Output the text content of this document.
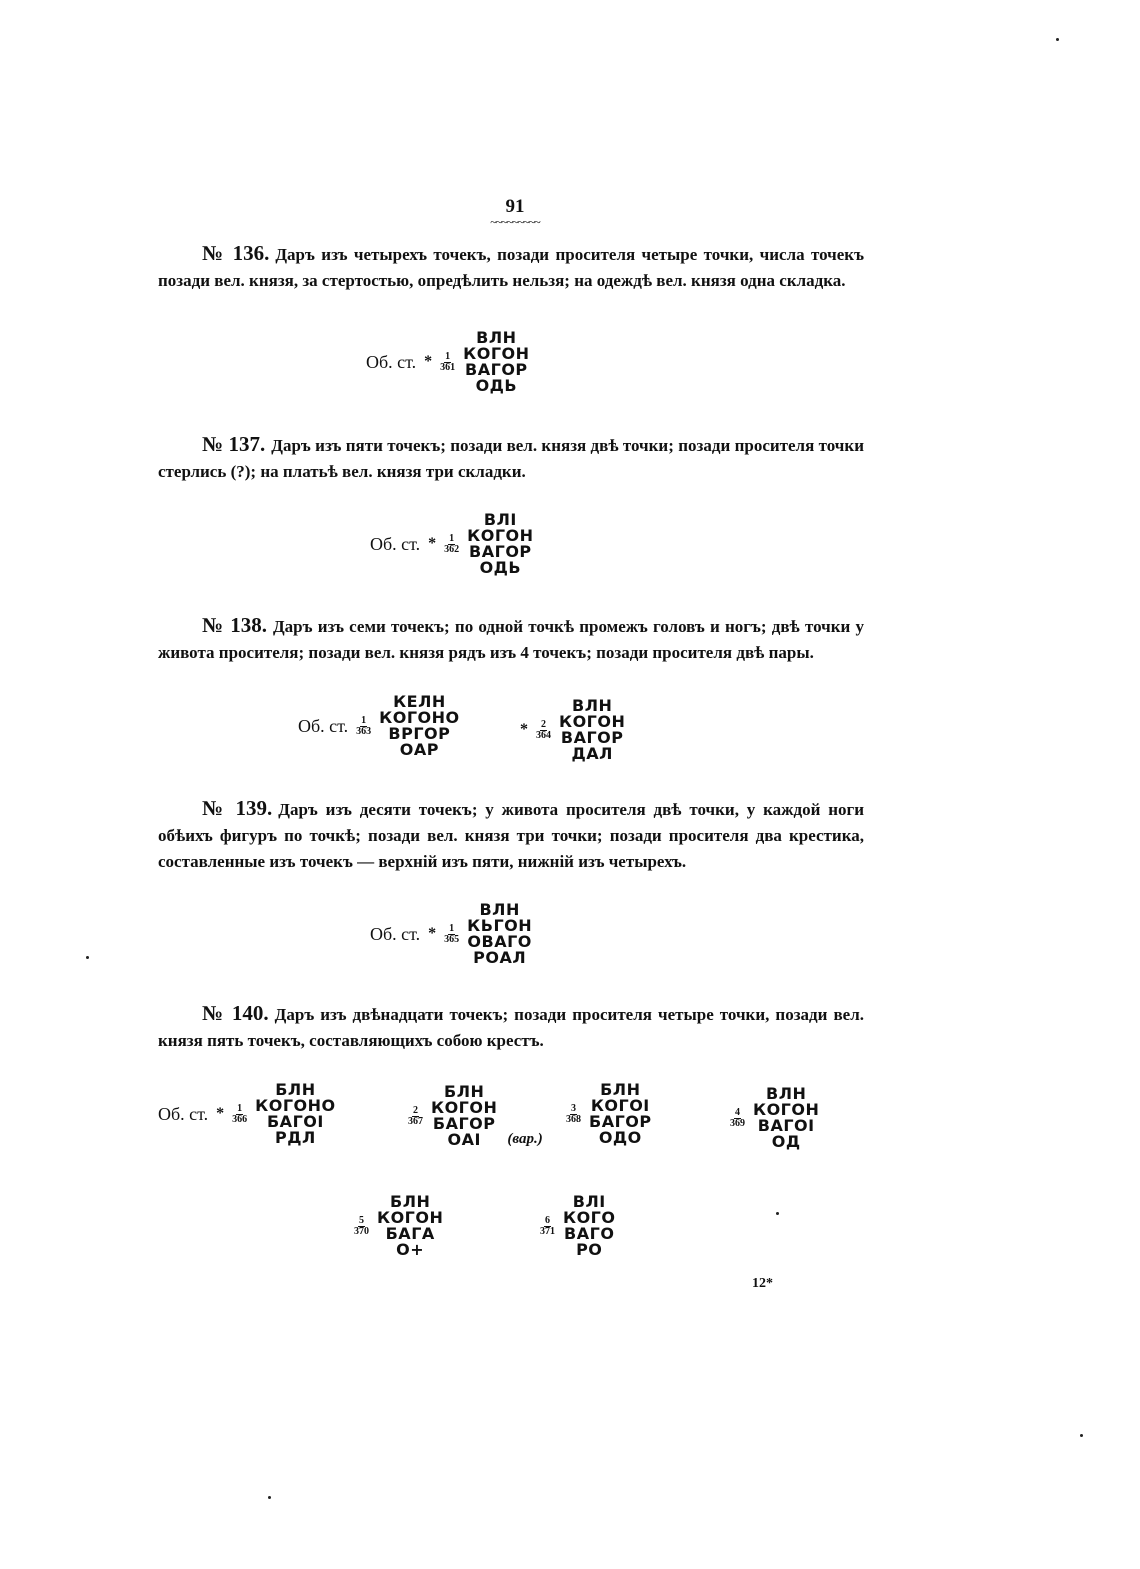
91
~~~~~~~~~
№ 136. Даръ изъ четырехъ точекъ, позади просителя четыре точки, числа точекъ позади вел. князя, за стертостью, опредѣлить нельзя; на одеждѣ вел. князя одна складка.
Об. ст. * $\frac{1}{361}$
ВЛН
КОГОН
ВАГОР
ОДЬ
№ 137. Даръ изъ пяти точекъ; позади вел. князя двѣ точки; позади просителя точки стерлись (?); на платьѣ вел. князя три складки.
Об. ст. * $\frac{1}{362}$
ВЛІ
КОГОН
ВАГОР
ОДЬ
№ 138. Даръ изъ семи точекъ; по одной точкѣ промежъ головъ и ногъ; двѣ точки у живота просителя; позади вел. князя рядъ изъ 4 точекъ; позади просителя двѣ пары.
Об. ст. $\frac{1}{363}$
КЕЛН
КОГОНО
ВРГОР
ОАР
* $\frac{2}{364}$
ВЛН
КОГОН
ВАГОР
ДАЛ
№ 139. Даръ изъ десяти точекъ; у живота просителя двѣ точки, у каждой ноги обѣихъ фигуръ по точкѣ; позади вел. князя три точки; позади просителя два крестика, составленные изъ точекъ — верхній изъ пяти, нижній изъ четырехъ.
Об. ст. * $\frac{1}{365}$
ВЛН
КЬГОН
ОВАГО
РОАЛ
№ 140. Даръ изъ двѣнадцати точекъ; позади просителя четыре точки, позади вел. князя пять точекъ, составляющихъ собою крестъ.
Об. ст. * $\frac{1}{366}$
БЛН
КОГОНО
БАГОІ
РДЛ
$\frac{2}{367}$
БЛН
КОГОН
БАГОР
ОАІ (вар.)
$\frac{3}{368}$
БЛН
КОГОІ
БАГОР
ОДО
$\frac{4}{369}$
ВЛН
КОГОН
ВАГОІ
ОД
$\frac{5}{370}$
БЛН
КОГОН
БАГА
О+
$\frac{6}{371}$
ВЛІ
КОГО
ВАГО
РО
12*
